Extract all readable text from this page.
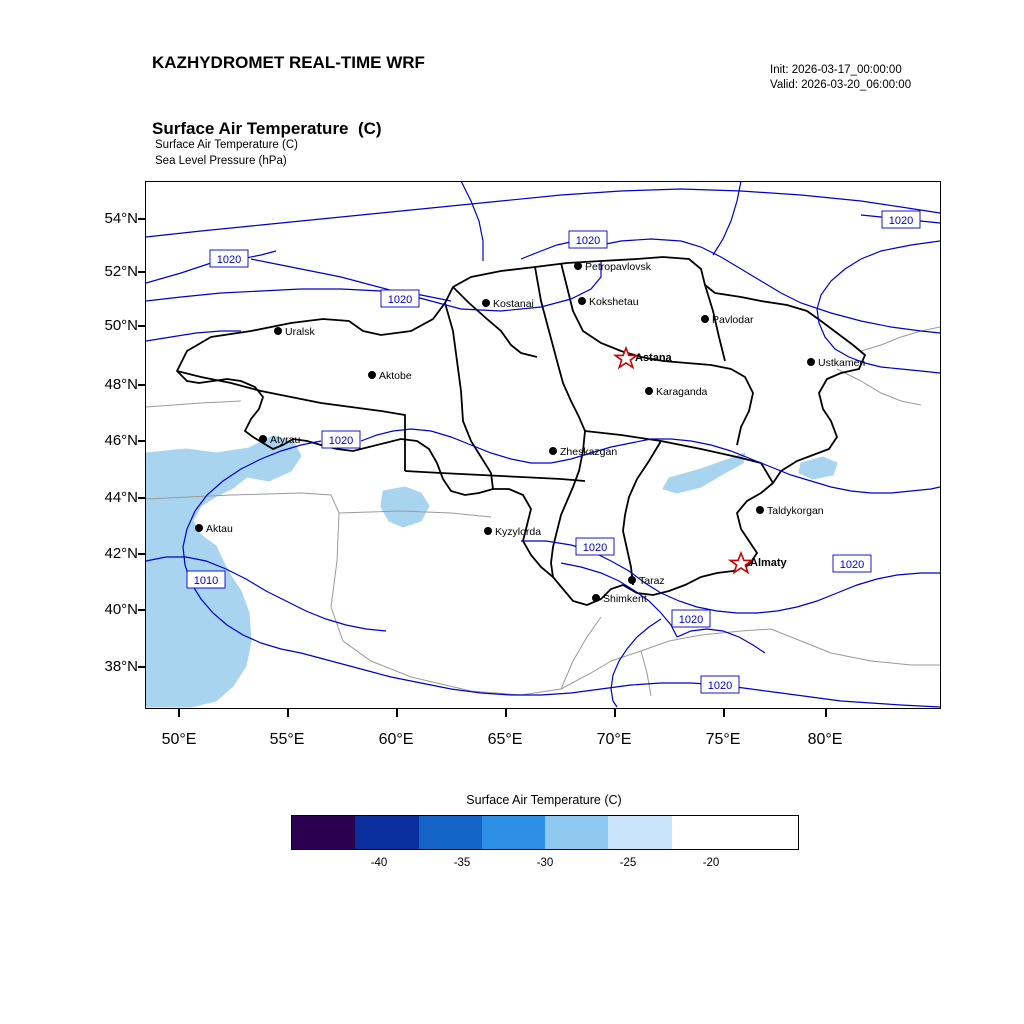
KAZHYDROMET REAL-TIME WRF

Surface Air Temperature  (C)

Init: 2026-03-17_00:00:00
Valid: 2026-03-20_06:00:00
Surface Air Temperature (C)
Sea Level Pressure (hPa)
1020
1020
1020
1020
1020
1010
1020
1020
1020
1020
Petropavlovsk
Kostanai	Kokshetau
Pavlodar
Uralsk
Ustkamen
Aktobe
Karaganda
Atyrau
Zheskazgan
Taldykorgan
Aktau	Kyzylorda
Taraz
Shimkent
Astana
Almaty
54°N
52°N
50°N
48°N
46°N
44°N
42°N
40°N
38°N
50°E	55°E	60°E	65°E	70°E	75°E	80°E
Surface Air Temperature (C)
-40	-35	-30	-25	-20
